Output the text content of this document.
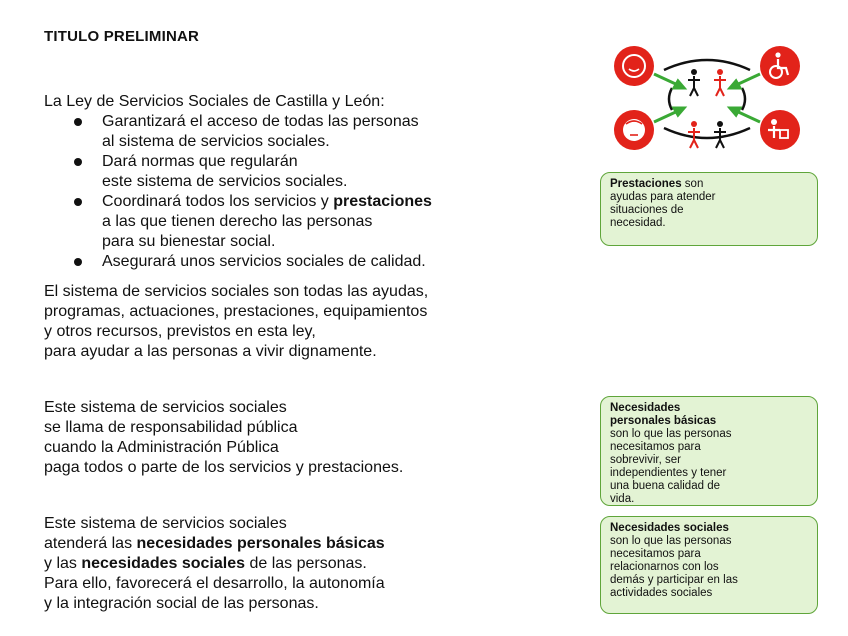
TITULO PRELIMINAR

La Ley de Servicios Sociales de Castilla y León:

Garantizará el acceso de todas las personas
al sistema de servicios sociales.
Dará normas que regularán
este sistema de servicios sociales.
Coordinará todos los servicios y prestaciones
a las que tienen derecho las personas
para su bienestar social.
Asegurará unos servicios sociales de calidad.
El sistema de servicios sociales son todas las ayudas,
programas, actuaciones, prestaciones, equipamientos
y otros recursos, previstos en esta ley,
para ayudar a las personas a vivir dignamente.
Este sistema de servicios sociales
se llama de responsabilidad pública
cuando la Administración Pública
paga todos o parte de los servicios y prestaciones.
Este sistema de servicios sociales
atenderá las necesidades personales básicas
y las necesidades sociales de las personas.
Para ello, favorecerá el desarrollo, la autonomía
y la integración social de las personas.
Prestaciones son
ayudas para atender
situaciones de
necesidad.
Necesidades
personales básicas
son lo que las personas
necesitamos para
sobrevivir, ser
independientes y tener
una buena calidad de
vida.
Necesidades sociales
son lo que las personas
necesitamos para
relacionarnos con los
demás y participar en las
actividades sociales
